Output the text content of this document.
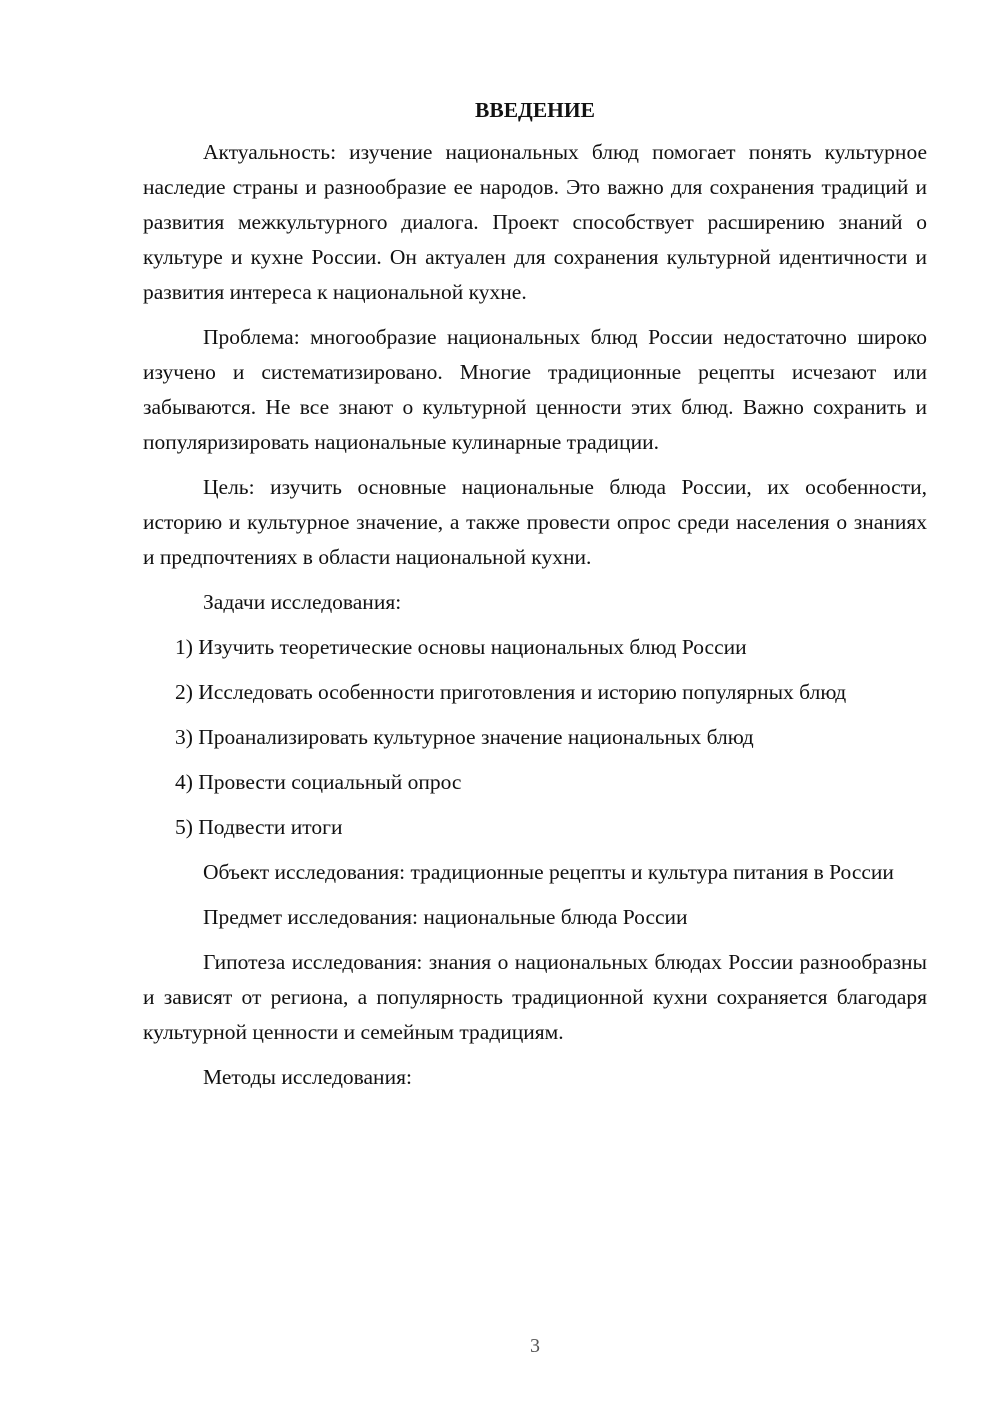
ВВЕДЕНИЕ

Актуальность: изучение национальных блюд помогает понять культурное наследие страны и разнообразие ее народов. Это важно для сохранения традиций и развития межкультурного диалога. Проект способствует расширению знаний о культуре и кухне России. Он актуален для сохранения культурной идентичности и развития интереса к национальной кухне.

Проблема: многообразие национальных блюд России недостаточно широко изучено и систематизировано. Многие традиционные рецепты исчезают или забываются. Не все знают о культурной ценности этих блюд. Важно сохранить и популяризировать национальные кулинарные традиции.

Цель: изучить основные национальные блюда России, их особенности, историю и культурное значение, а также провести опрос среди населения о знаниях и предпочтениях в области национальной кухни.

Задачи исследования:

1) Изучить теоретические основы национальных блюд России

2) Исследовать особенности приготовления и историю популярных блюд

3) Проанализировать культурное значение национальных блюд

4) Провести социальный опрос

5) Подвести итоги

Объект исследования: традиционные рецепты и культура питания в России

Предмет исследования: национальные блюда России

Гипотеза исследования: знания о национальных блюдах России разнообразны и зависят от региона, а популярность традиционной кухни сохраняется благодаря культурной ценности и семейным традициям.

Методы исследования:

3
